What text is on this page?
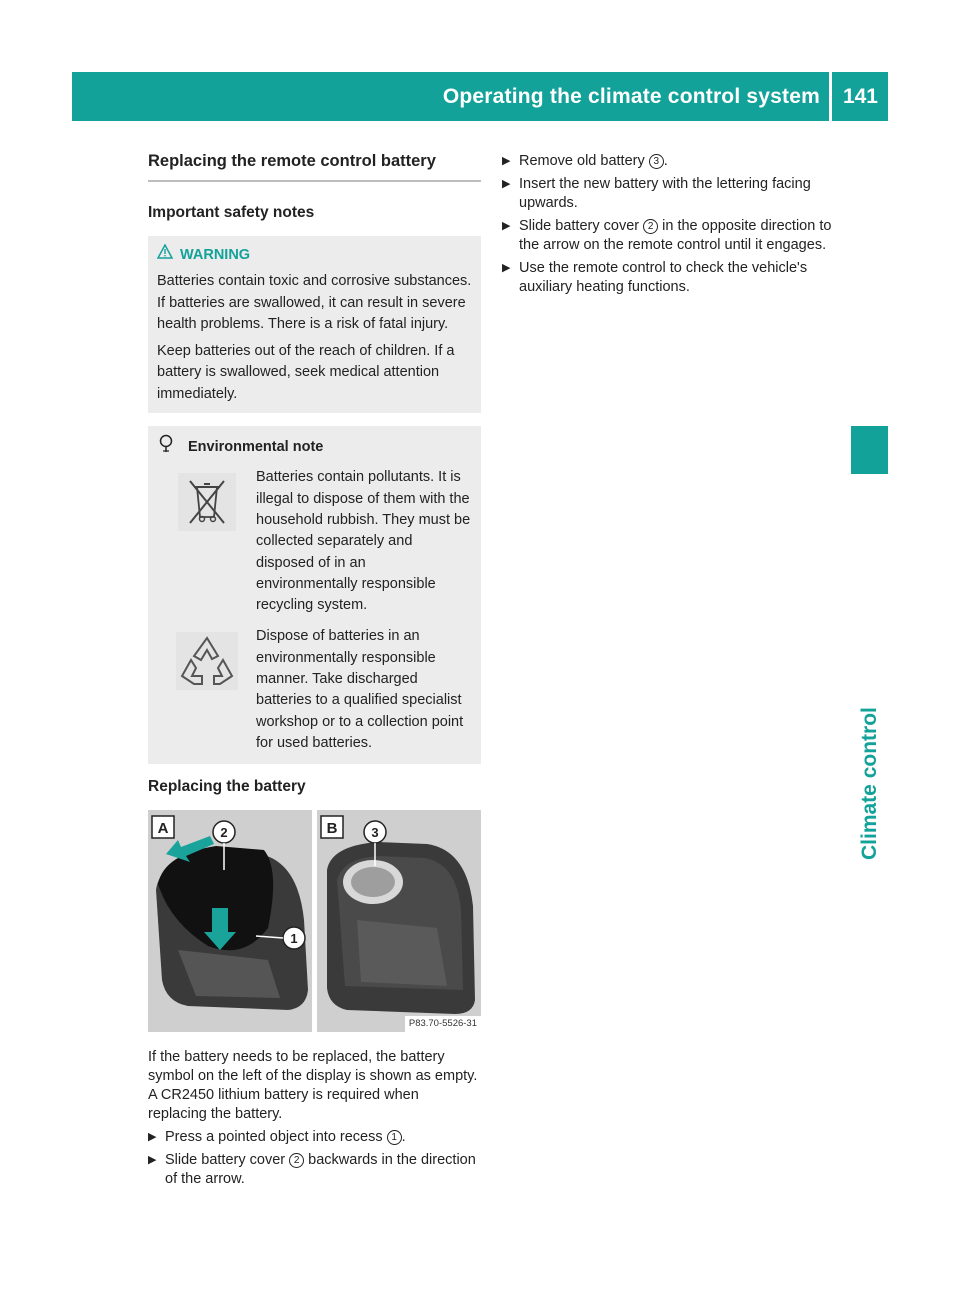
Operating the climate control system 141
Climate control
Replacing the remote control battery
Important safety notes
WARNING

Batteries contain toxic and corrosive substances. If batteries are swallowed, it can result in severe health problems. There is a risk of fatal injury.

Keep batteries out of the reach of children. If a battery is swallowed, seek medical attention immediately.

Environmental note
Batteries contain pollutants. It is illegal to dispose of them with the household rubbish. They must be collected separately and disposed of in an environmentally responsible recycling system.
Dispose of batteries in an environmentally responsible manner. Take discharged batteries to a qualified specialist workshop or to a collection point for used batteries.
Replacing the battery
A	2
1
B	3
P83.70-5526-31
If the battery needs to be replaced, the battery symbol on the left of the display is shown as empty. A CR2450 lithium battery is required when replacing the battery.
▶ Press a pointed object into recess 1 .
▶ Slide battery cover 2 backwards in the direction of the arrow.
▶ Remove old battery 3 .
▶ Insert the new battery with the lettering facing upwards.
▶ Slide battery cover 2 in the opposite direction to the arrow on the remote control until it engages.
▶ Use the remote control to check the vehicle's auxiliary heating functions.
